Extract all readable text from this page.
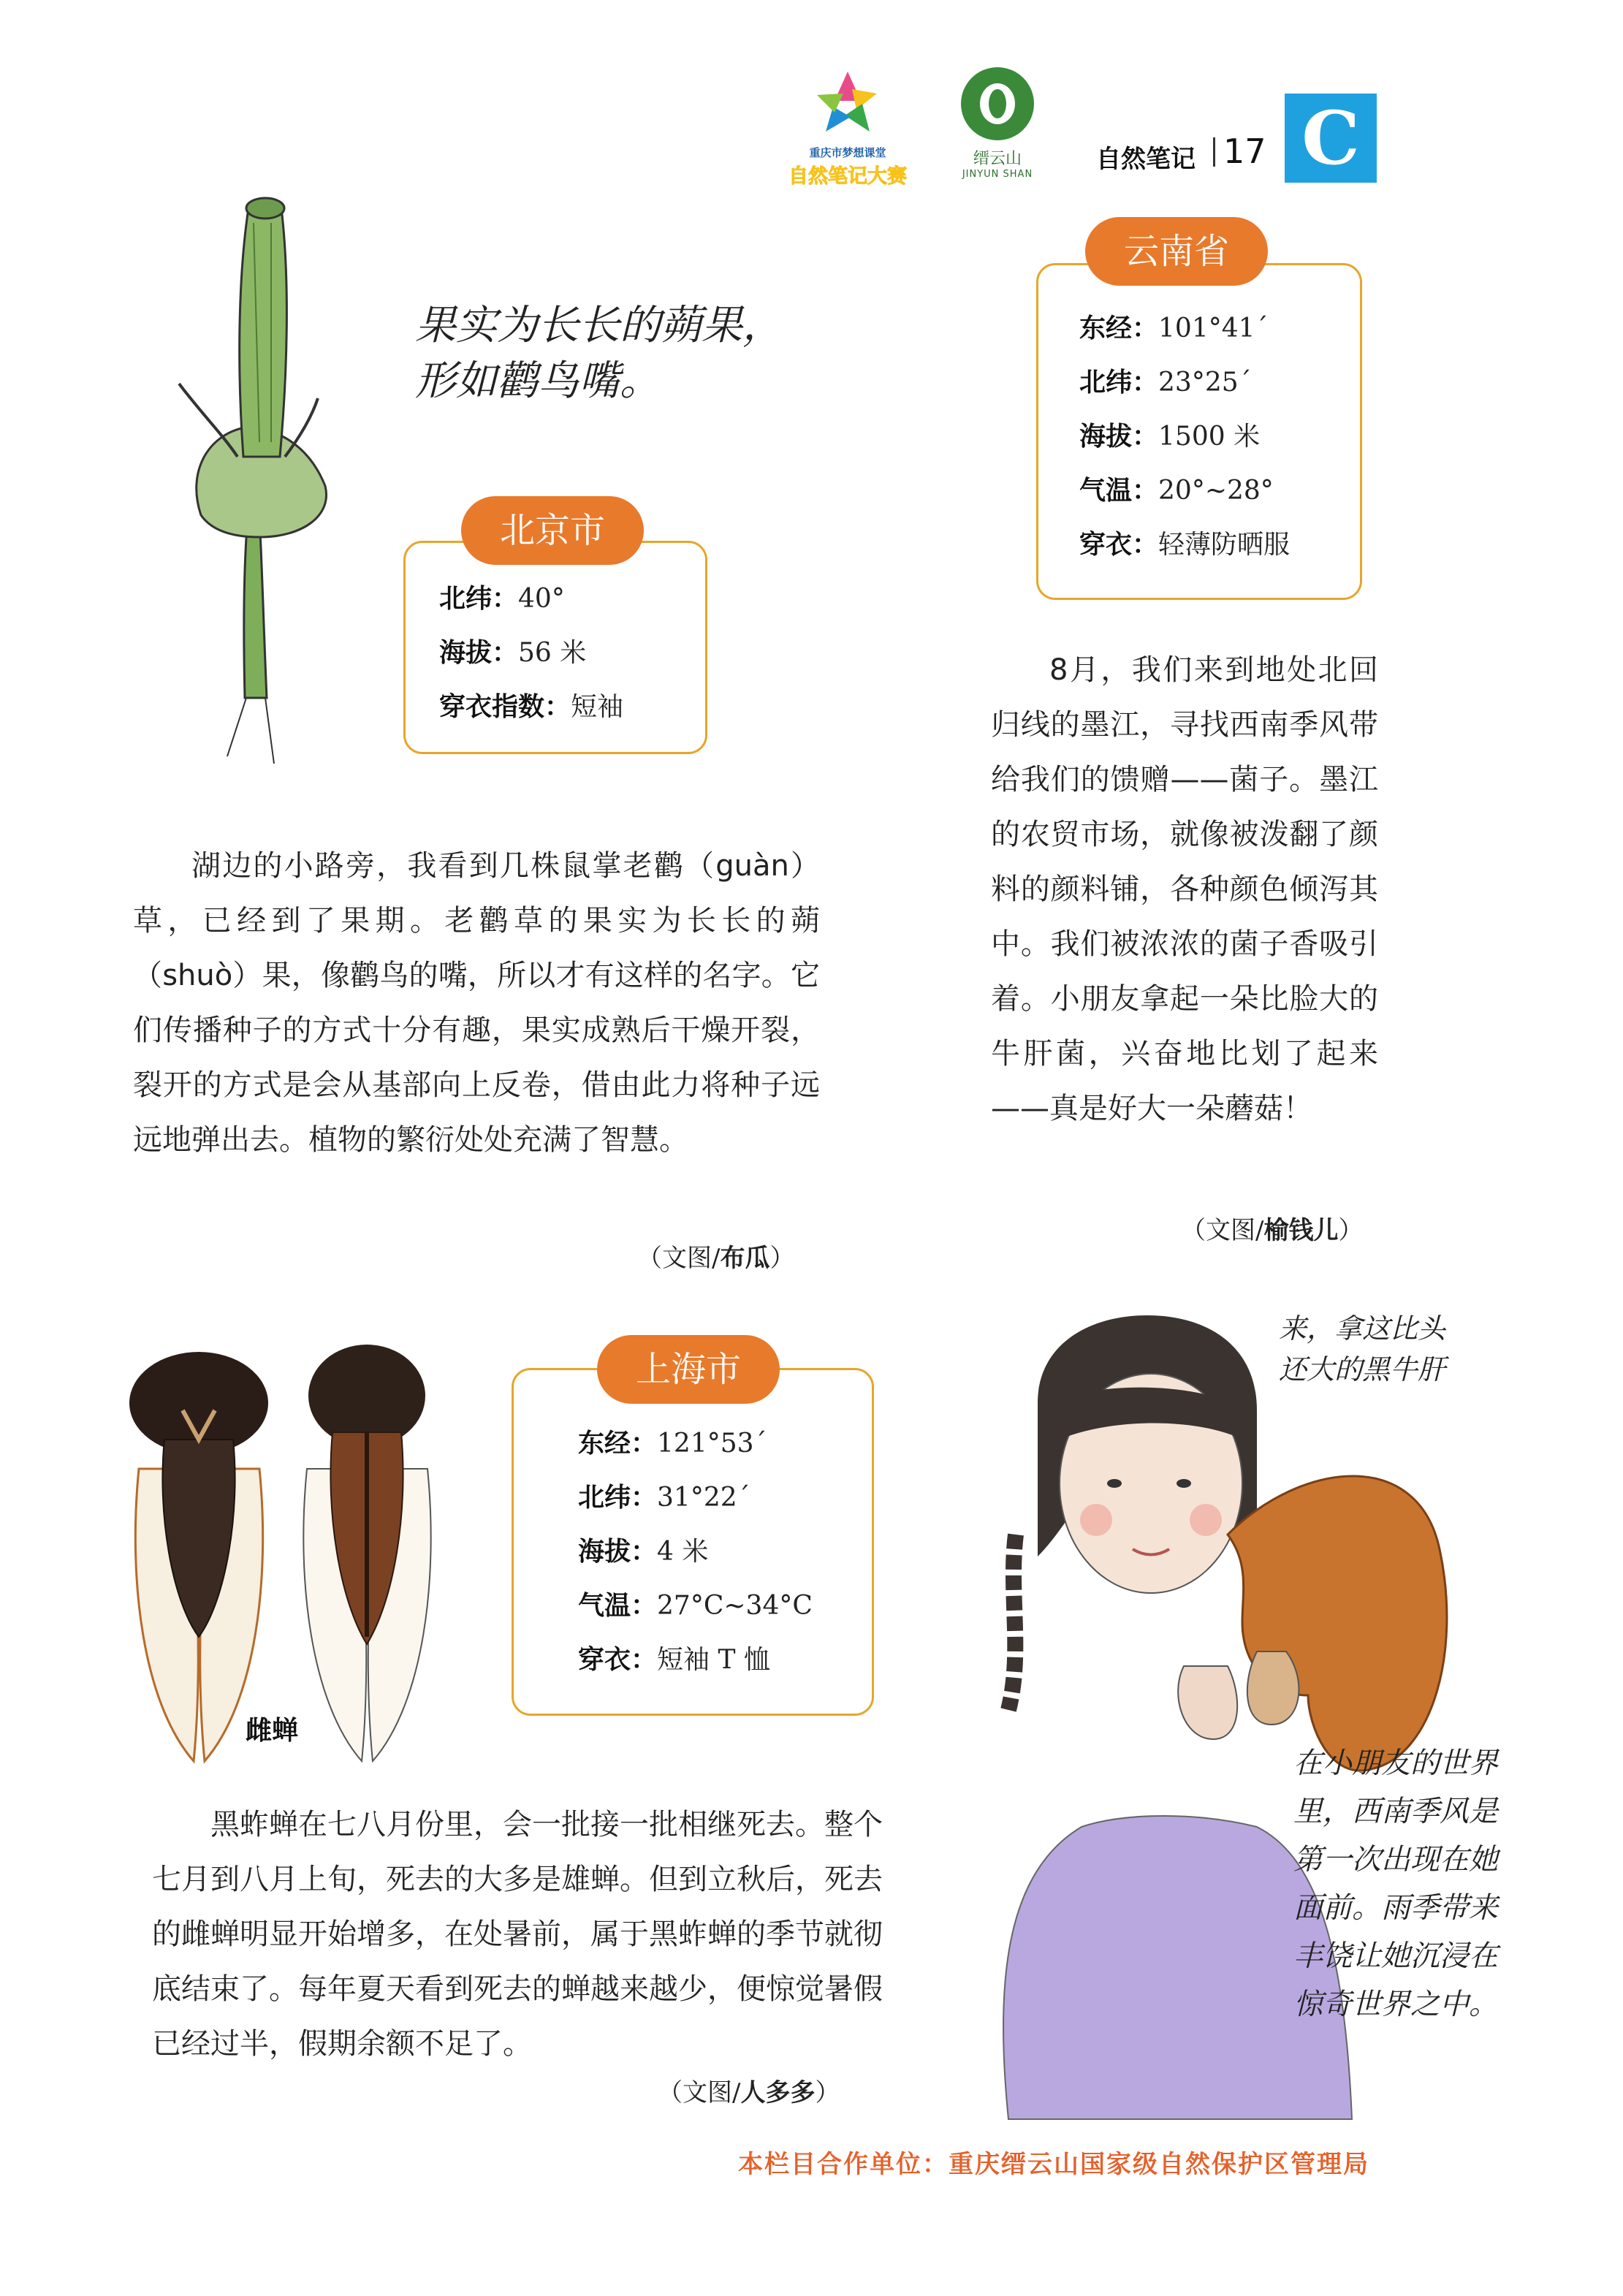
重庆市梦想课堂
自然笔记大赛
缙云山
JINYUN SHAN
自然笔记 17 C
果实为长长的蒴果，
形如鹳鸟嘴。
北京市
北纬：40°
海拔：56 米
穿衣指数：短袖

湖边的小路旁，我看到几株鼠掌老鹳（guàn）草，已经到了果期。老鹳草的果实为长长的蒴（shuò）果，像鹳鸟的嘴，所以才有这样的名字。它们传播种子的方式十分有趣，果实成熟后干燥开裂，裂开的方式是会从基部向上反卷，借由此力将种子远远地弹出去。植物的繁衍处处充满了智慧。

（文图/布瓜）
云南省
东经：101°41´
北纬：23°25´
海拔：1500 米
气温：20°~28°
穿衣：轻薄防晒服

8月，我们来到地处北回归线的墨江，寻找西南季风带给我们的馈赠——菌子。墨江的农贸市场，就像被泼翻了颜料的颜料铺，各种颜色倾泻其中。我们被浓浓的菌子香吸引着。小朋友拿起一朵比脸大的牛肝菌，兴奋地比划了起来——真是好大一朵蘑菇！

（文图/榆钱儿）
来，拿这比头
还大的黑牛肝
在小朋友的世界里，西南季风是第一次出现在她面前。雨季带来丰饶让她沉浸在惊奇世界之中。
雌蝉
上海市
东经：121°53´
北纬：31°22´
海拔：4 米
气温：27°C~34°C
穿衣：短袖 T 恤

黑蚱蝉在七八月份里，会一批接一批相继死去。整个七月到八月上旬，死去的大多是雄蝉。但到立秋后，死去的雌蝉明显开始增多，在处暑前，属于黑蚱蝉的季节就彻底结束了。每年夏天看到死去的蝉越来越少，便惊觉暑假已经过半，假期余额不足了。

（文图/人多多）
本栏目合作单位：重庆缙云山国家级自然保护区管理局
